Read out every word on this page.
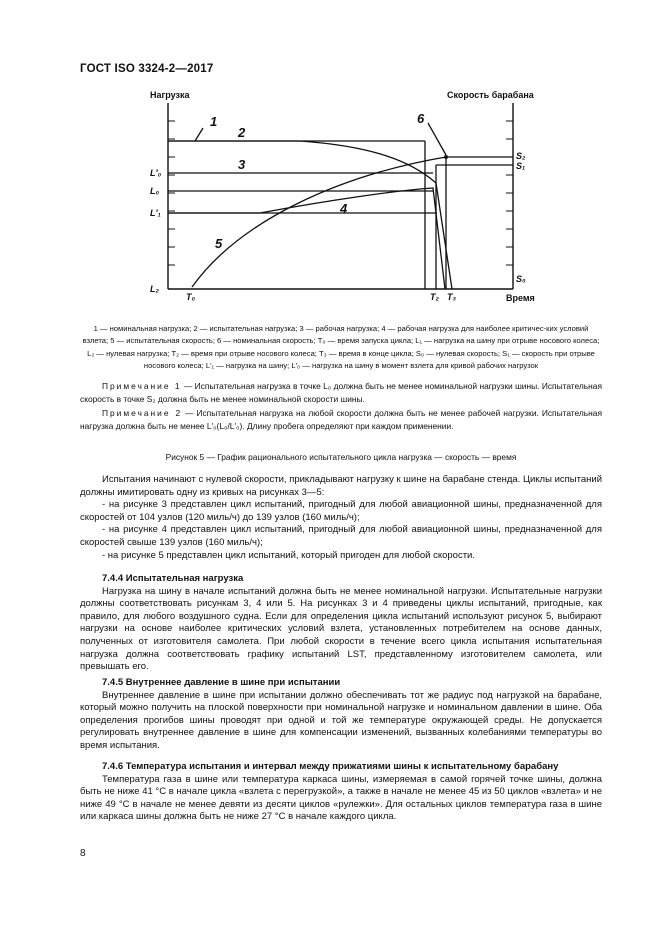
ГОСТ ISO 3324-2—2017
Нагрузка	Скорость барабана
Время
1
2
3
4
5
6
L′₀
L₀
L′₁
L₂
S₂
S₁
S₀
T₀	T₂ T₃
1 — номинальная нагрузка; 2 — испытательная нагрузка; 3 — рабочая нагрузка; 4 — рабочая нагрузка для наиболее критичес-ких условий взлета; 5 — испытательная скорость; 6 — номинальная скорость; T₀ — время запуска цикла; L₁ — нагрузка на шину при отрыве носового колеса; L₂ — нулевая нагрузка; T₂ — время при отрыве носового колеса; T₃ — время в конце цикла; S₀ — нулевая скорость; S₁ — скорость при отрыве носового колеса; L′₁ — нагрузка на шину; L′₀ — нагрузка на шину в момент взлета для кривой рабочих нагрузок

Примечание 1 — Испытательная нагрузка в точке L₀ должна быть не менее номинальной нагрузки шины. Испытательная скорость в точке S₂ должна быть не менее номинальной скорости шины.

Примечание 2 — Испытательная нагрузка на любой скорости должна быть не менее рабочей нагрузки. Испытательная нагрузка должна быть не менее L′₀(L₀/L′₀). Длину пробега определяют при каждом применении.

Рисунок 5 — График рационального испытательного цикла нагрузка — скорость — время

Испытания начинают с нулевой скорости, прикладывают нагрузку к шине на барабане стенда. Циклы испытаний должны имитировать одну из кривых на рисунках 3—5:

- на рисунке 3 представлен цикл испытаний, пригодный для любой авиационной шины, предназначенной для скоростей от 104 узлов (120 миль/ч) до 139 узлов (160 миль/ч);

- на рисунке 4 представлен цикл испытаний, пригодный для любой авиационной шины, предназначенной для скоростей свыше 139 узлов (160 миль/ч);

- на рисунке 5 представлен цикл испытаний, который пригоден для любой скорости.

7.4.4 Испытательная нагрузка

Нагрузка на шину в начале испытаний должна быть не менее номинальной нагрузки. Испытательные нагрузки должны соответствовать рисункам 3, 4 или 5. На рисунках 3 и 4 приведены циклы испытаний, пригодные, как правило, для любого воздушного судна. Если для определения цикла испытаний используют рисунок 5, выбирают нагрузки на основе наиболее критических условий взлета, установленных потребителем на основе данных, полученных от изготовителя самолета. При любой скорости в течение всего цикла испытания испытательная нагрузка должна соответствовать графику испытаний LST, представленному изготовителем самолета, или превышать его.

7.4.5 Внутреннее давление в шине при испытании

Внутреннее давление в шине при испытании должно обеспечивать тот же радиус под нагрузкой на барабане, который можно получить на плоской поверхности при номинальной нагрузке и номинальном давлении в шине. Оба определения прогибов шины проводят при одной и той же температуре окружающей среды. Не допускается регулировать внутреннее давление в шине для компенсации изменений, вызванных колебаниями температуры во время испытания.

7.4.6 Температура испытания и интервал между прижатиями шины к испытательному барабану

Температура газа в шине или температура каркаса шины, измеряемая в самой горячей точке шины, должна быть не ниже 41 °C в начале цикла «взлета с перегрузкой», а также в начале не менее 45 из 50 циклов «взлета» и не ниже 49 °C в начале не менее девяти из десяти циклов «рулежки». Для остальных циклов температура газа в шине или каркаса шины должна быть не ниже 27 °C в начале каждого цикла.

8
